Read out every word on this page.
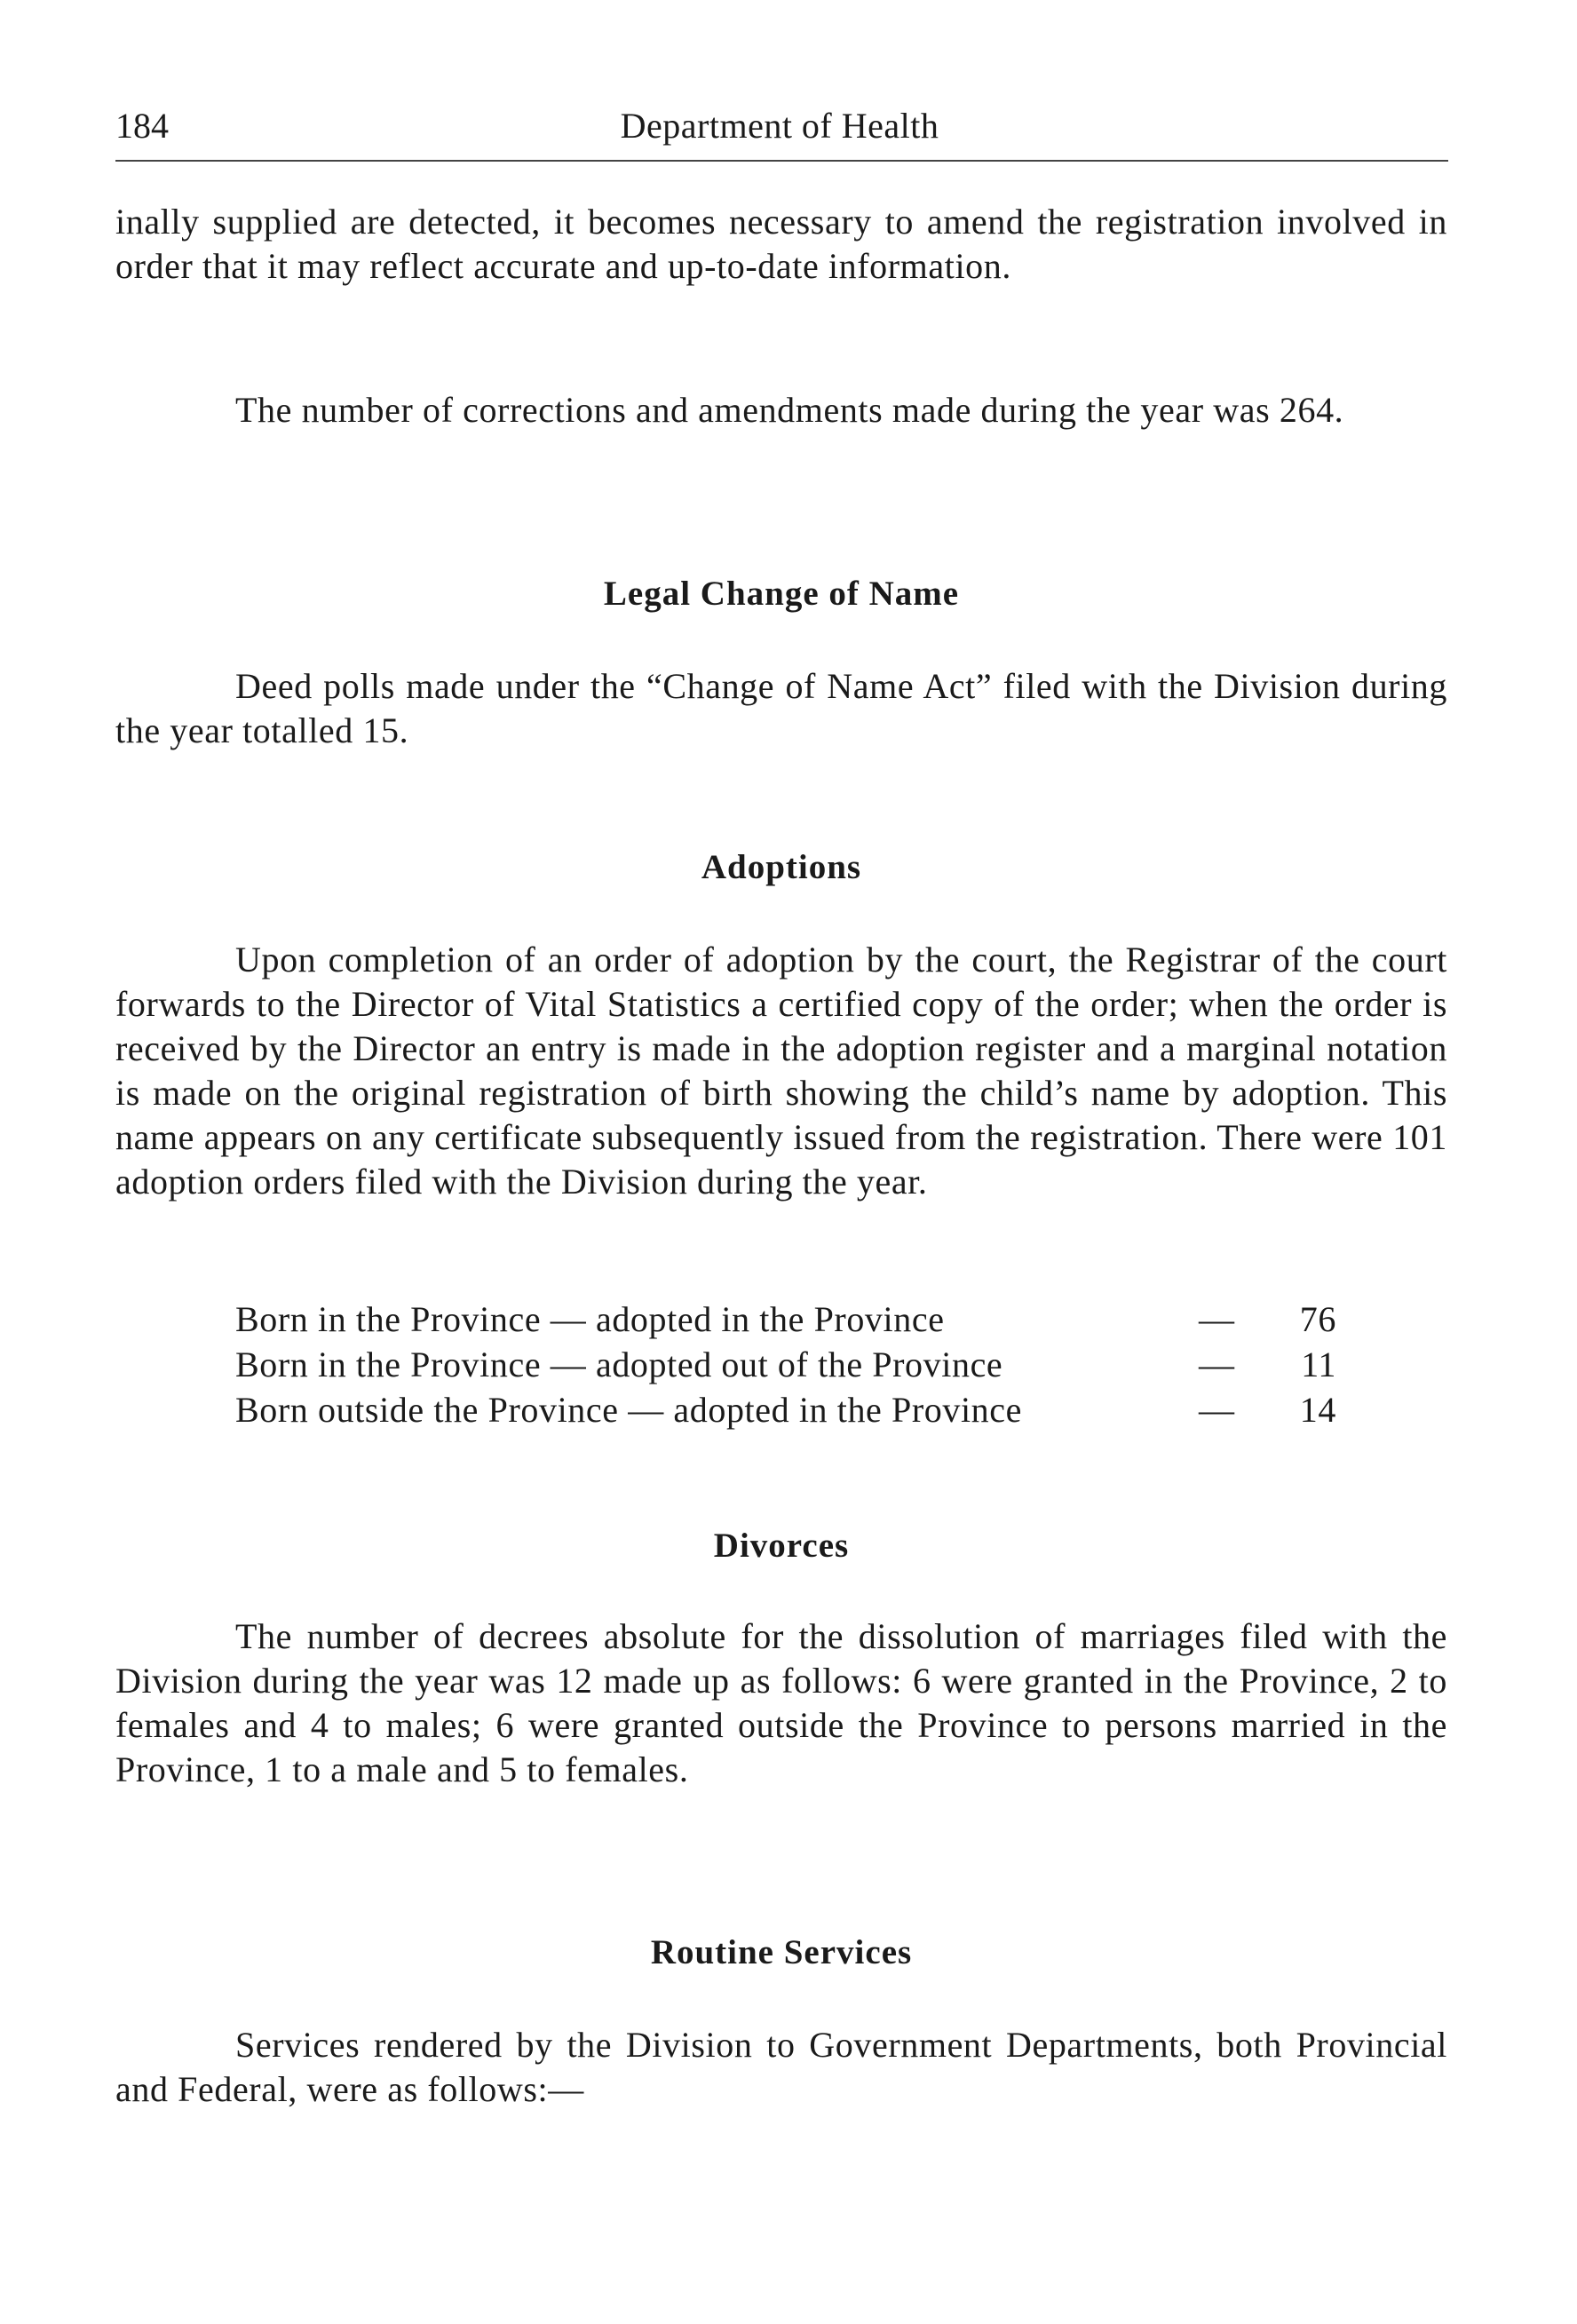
184	Department of Health

inally supplied are detected, it becomes necessary to amend the registration involved in order that it may reflect accurate and up-to-date information.

The number of corrections and amendments made during the year was 264.

Legal Change of Name

Deed polls made under the “Change of Name Act” filed with the Division during the year totalled 15.

Adoptions

Upon completion of an order of adoption by the court, the Registrar of the court forwards to the Director of Vital Statistics a certified copy of the order; when the order is received by the Director an entry is made in the adoption register and a marginal notation is made on the original registration of birth showing the child’s name by adoption. This name appears on any certificate subsequently issued from the registration. There were 101 adoption orders filed with the Division during the year.

Born in the Province — adopted in the Province	—	76
Born in the Province — adopted out of the Province	—	11
Born outside the Province — adopted in the Province	—	14
Divorces

The number of decrees absolute for the dissolution of marriages filed with the Division during the year was 12 made up as follows: 6 were granted in the Province, 2 to females and 4 to males; 6 were granted outside the Province to persons married in the Province, 1 to a male and 5 to females.

Routine Services

Services rendered by the Division to Government Departments, both Provincial and Federal, were as follows:—
